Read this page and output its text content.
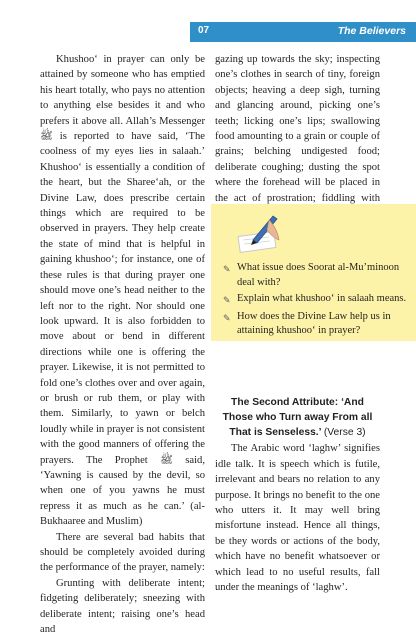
07	The Believers

Khushoo‘ in prayer can only be attained by someone who has emptied his heart totally, who pays no attention to anything else besides it and who prefers it above all. Allah’s Messenger ﷺ is reported to have said, ‘The coolness of my eyes lies in salaah.’ Khushoo‘ is essentially a condition of the heart, but the Sharee‘ah, or the Divine Law, does prescribe certain things which are required to be observed in prayers. They help create the state of mind that is helpful in gaining khushoo‘; for instance, one of these rules is that during prayer one should move one’s head neither to the left nor to the right. Nor should one look upward. It is also forbidden to move about or bend in different directions while one is offering the prayer. Likewise, it is not permitted to fold one’s clothes over and over again, or brush or rub them, or play with them. Similarly, to yawn or belch loudly while in prayer is not consistent with the good manners of offering the prayers. The Prophet ﷺ said, ‘Yawning is caused by the devil, so when one of you yawns he must repress it as much as he can.’ (al-Bukhaaree and Muslim)

There are several bad habits that should be completely avoided during the performance of the prayer, namely:

Grunting with deliberate intent; fidgeting deliberately; sneezing with deliberate intent; raising one’s head and

gazing up towards the sky; inspecting one’s clothes in search of tiny, foreign objects; heaving a deep sigh, turning and glancing around, picking one’s teeth; licking one’s lips; swallowing food amounting to a grain or couple of grains; belching undigested food; deliberate coughing; dusting the spot where the forehead will be placed in the act of prostration; fiddling with

✎ What issue does Soorat al-Mu’minoon deal with?
✎ Explain what khushoo‘ in salaah means.
✎ How does the Divine Law help us in attaining khushoo‘ in prayer?
The Second Attribute: ‘And Those who Turn away From all That is Senseless.’ (Verse 3)

The Arabic word ‘laghw’ signifies idle talk. It is speech which is futile, irrelevant and bears no relation to any purpose. It brings no benefit to the one who utters it. It may well bring misfortune instead. Hence all things, be they words or actions of the body, which have no benefit whatsoever or which lead to no useful results, fall under the meanings of ‘laghw’.
